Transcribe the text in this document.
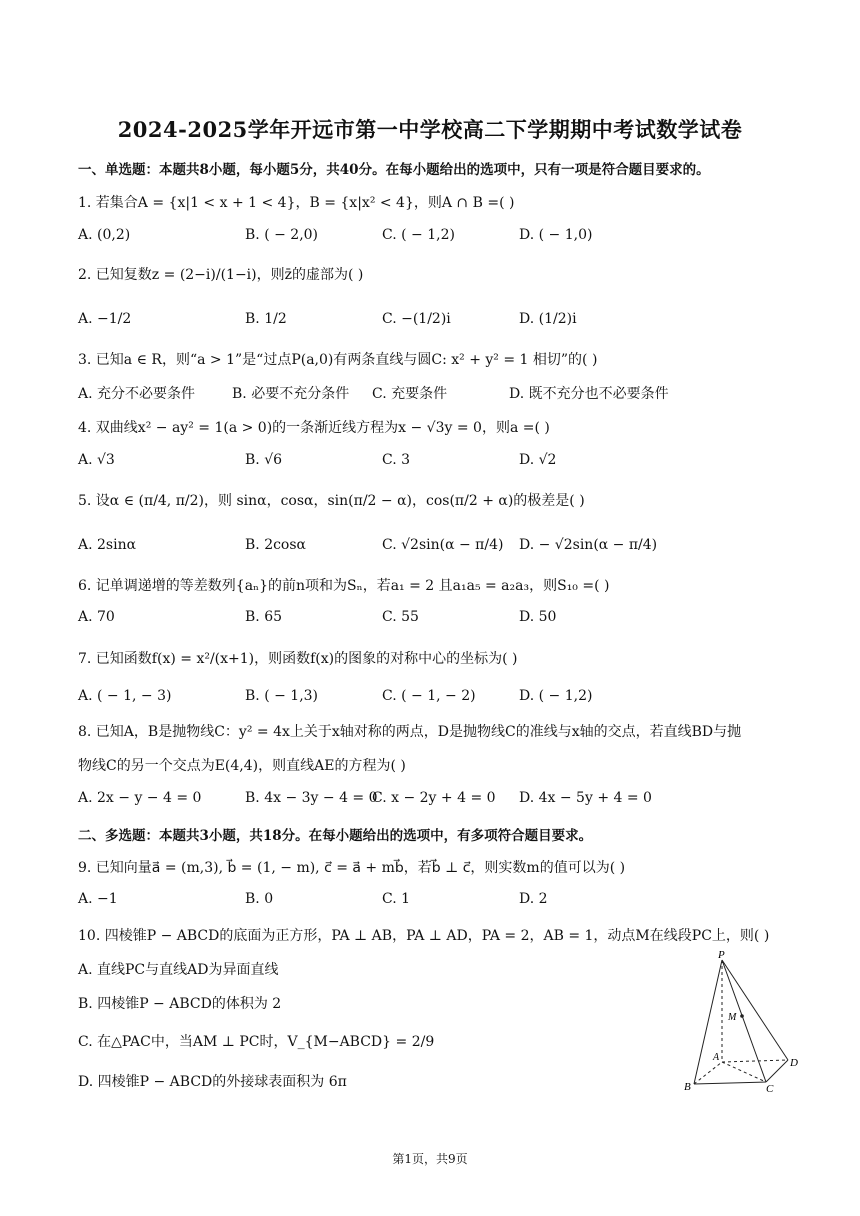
2024-2025学年开远市第一中学校高二下学期期中考试数学试卷
一、单选题：本题共8小题，每小题5分，共40分。在每小题给出的选项中，只有一项是符合题目要求的。
1. 若集合A = {x|1 < x + 1 < 4}，B = {x|x² < 4}，则A ∩ B =( )
A. (0,2)	B. ( − 2,0)	C. ( − 1,2)	D. ( − 1,0)
2. 已知复数z = (2−i)/(1−i)，则z̄的虚部为( )
A. −1/2	B. 1/2	C. −(1/2)i	D. (1/2)i
3. 已知a ∈ R，则“a > 1”是“过点P(a,0)有两条直线与圆C: x² + y² = 1 相切”的( )
A. 充分不必要条件	B. 必要不充分条件 C. 充要条件	D. 既不充分也不必要条件
4. 双曲线x² − ay² = 1(a > 0)的一条渐近线方程为x − √3y = 0，则a =( )
A. √3	B. √6	C. 3	D. √2
5. 设α ∈ (π/4, π/2)，则 sinα，cosα，sin(π/2 − α)，cos(π/2 + α)的极差是( )
A. 2sinα	B. 2cosα	C. √2sin(α − π/4) D. − √2sin(α − π/4)
6. 记单调递增的等差数列{aₙ}的前n项和为Sₙ，若a₁ = 2 且a₁a₅ = a₂a₃，则S₁₀ =( )
A. 70	B. 65	C. 55	D. 50
7. 已知函数f(x) = x²/(x+1)，则函数f(x)的图象的对称中心的坐标为( )
A. ( − 1, − 3)	B. ( − 1,3)	C. ( − 1, − 2)	D. ( − 1,2)
8. 已知A，B是抛物线C：y² = 4x上关于x轴对称的两点，D是抛物线C的准线与x轴的交点，若直线BD与抛
物线C的另一个交点为E(4,4)，则直线AE的方程为( )
A. 2x − y − 4 = 0	B. 4x − 3y − 4 = 0
C. x − 2y + 4 = 0 D. 4x − 5y + 4 = 0
二、多选题：本题共3小题，共18分。在每小题给出的选项中，有多项符合题目要求。
9. 已知向量a⃗ = (m,3), b⃗ = (1, − m), c⃗ = a⃗ + mb⃗，若b⃗ ⊥ c⃗，则实数m的值可以为( )
A. −1	B. 0	C. 1	D. 2
10. 四棱锥P − ABCD的底面为正方形，PA ⊥ AB，PA ⊥ AD，PA = 2，AB = 1，动点M在线段PC上，则( )
A. 直线PC与直线AD为异面直线
B. 四棱锥P − ABCD的体积为 2
C. 在△PAC中，当AM ⊥ PC时，V_{M−ABCD} = 2/9
D. 四棱锥P − ABCD的外接球表面积为 6π
P
M
A
B	C
D
第1页，共9页
